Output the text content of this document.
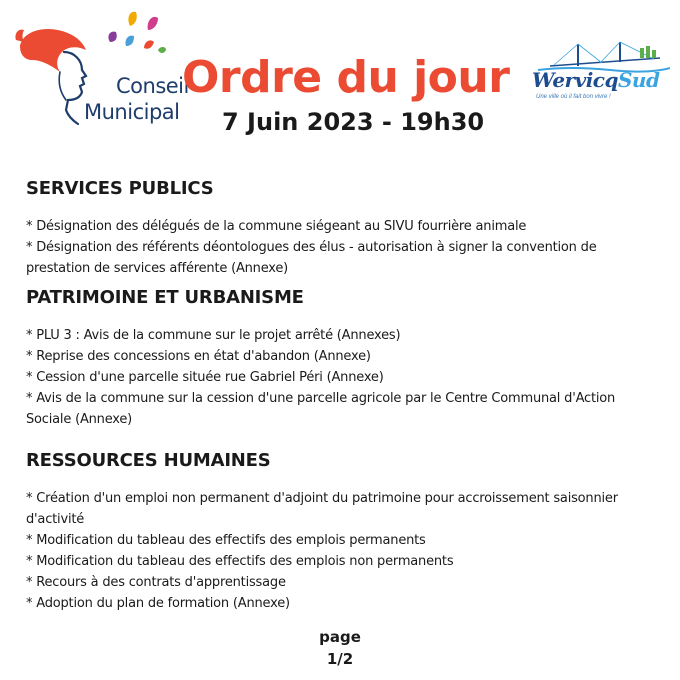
Conseil
Municipal
Ordre du jour
7 Juin 2023 - 19h30
WervicqSud
Une ville où il fait bon vivre !
SERVICES PUBLICS
* Désignation des délégués de la commune siégeant au SIVU fourrière animale
* Désignation des référents déontologues des élus - autorisation à signer la convention de prestation de services afférente (Annexe)
PATRIMOINE ET URBANISME
* PLU 3 : Avis de la commune sur le projet arrêté (Annexes)
* Reprise des concessions en état d'abandon (Annexe)
* Cession d'une parcelle située rue Gabriel Péri (Annexe)
* Avis de la commune sur la cession d'une parcelle agricole par le Centre Communal d'Action Sociale (Annexe)
RESSOURCES HUMAINES
* Création d'un emploi non permanent d'adjoint du patrimoine pour accroissement saisonnier d'activité
* Modification du tableau des effectifs des emplois permanents
* Modification du tableau des effectifs des emplois non permanents
* Recours à des contrats d'apprentissage
* Adoption du plan de formation (Annexe)
page
1/2
